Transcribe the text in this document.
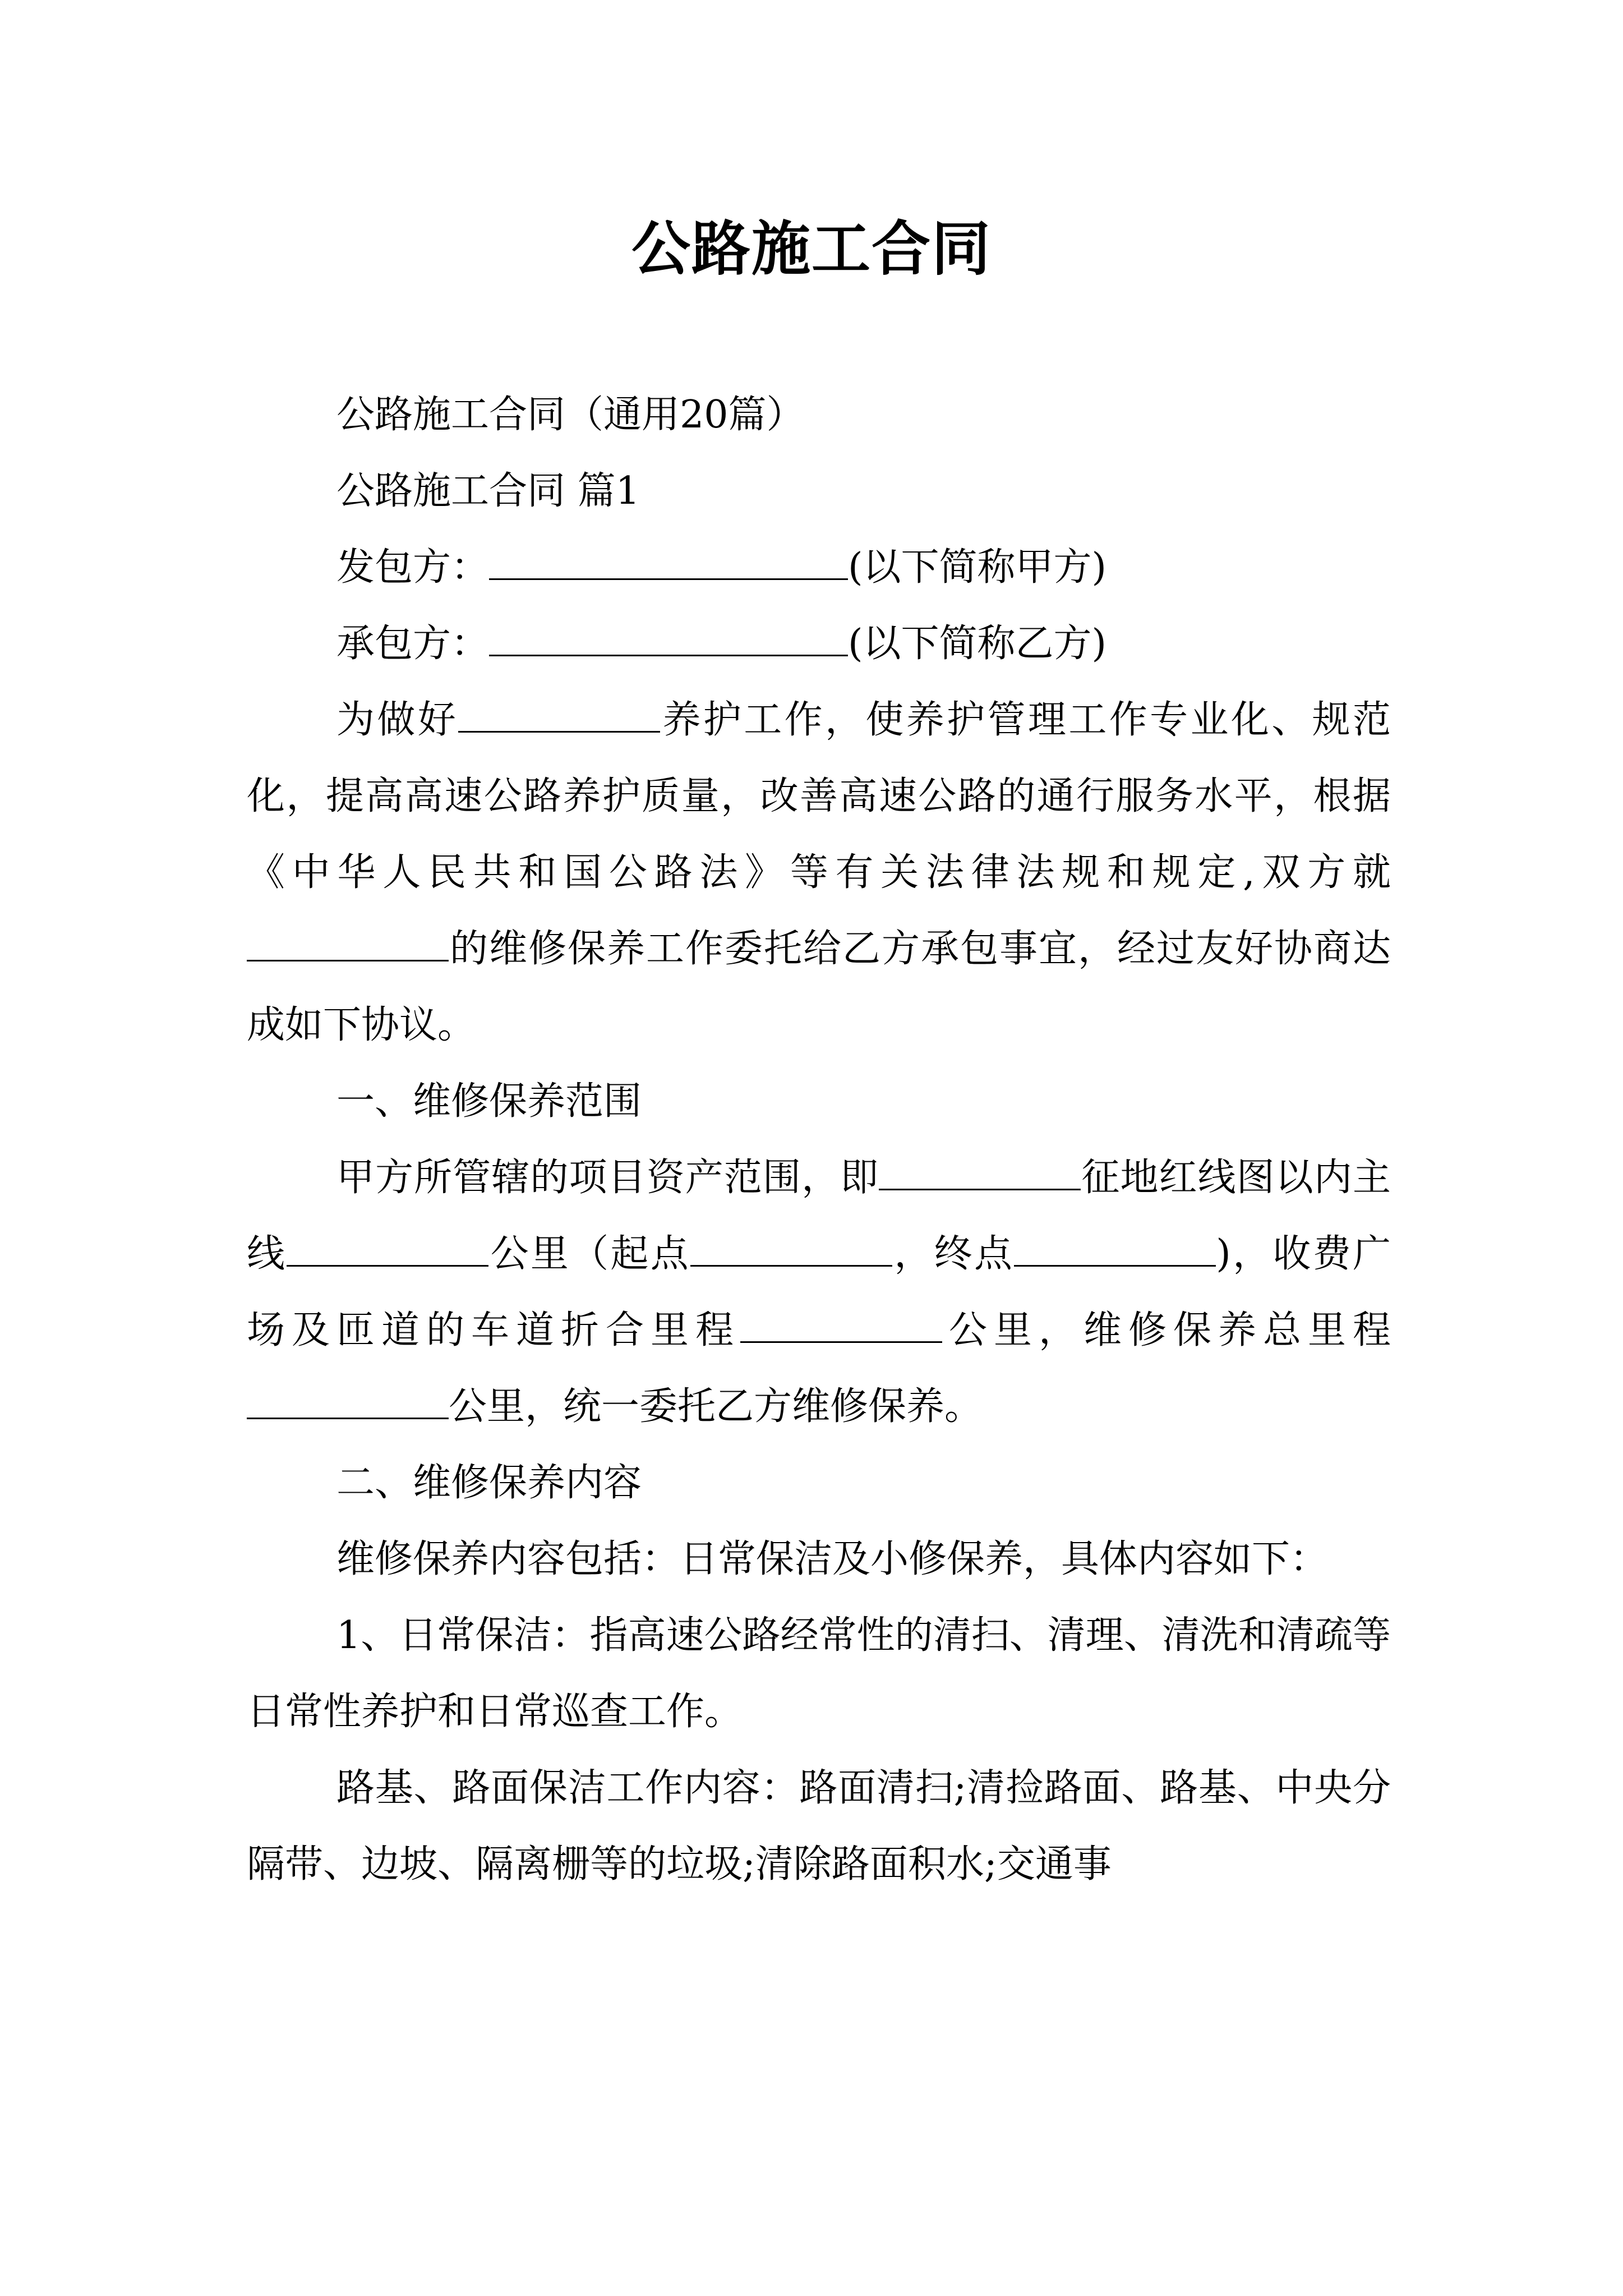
公路施工合同

公路施工合同（通用20篇）

公路施工合同 篇1

发包方：	(以下简称甲方)

承包方：	(以下简称乙方)

为做好	养护工作，使养护管理工作专业化、规范化，提高高速公路养护质量，改善高速公路的通行服务水平，根据《中华人民共和国公路法》等有关法律法规和规定,双方就的维修保养工作委托给乙方承包事宜，经过友好协商达成如下协议。

一、维修保养范围

甲方所管辖的项目资产范围，即	征地红线图以内主线	公里（起点	，终点	)，收费广场及匝道的车道折合里程	公里，维修保养总里程公里，统一委托乙方维修保养。

二、维修保养内容

维修保养内容包括：日常保洁及小修保养，具体内容如下：

1、日常保洁：指高速公路经常性的清扫、清理、清洗和清疏等日常性养护和日常巡查工作。

路基、路面保洁工作内容：路面清扫;清捡路面、路基、中央分隔带、边坡、隔离栅等的垃圾;清除路面积水;交通事
